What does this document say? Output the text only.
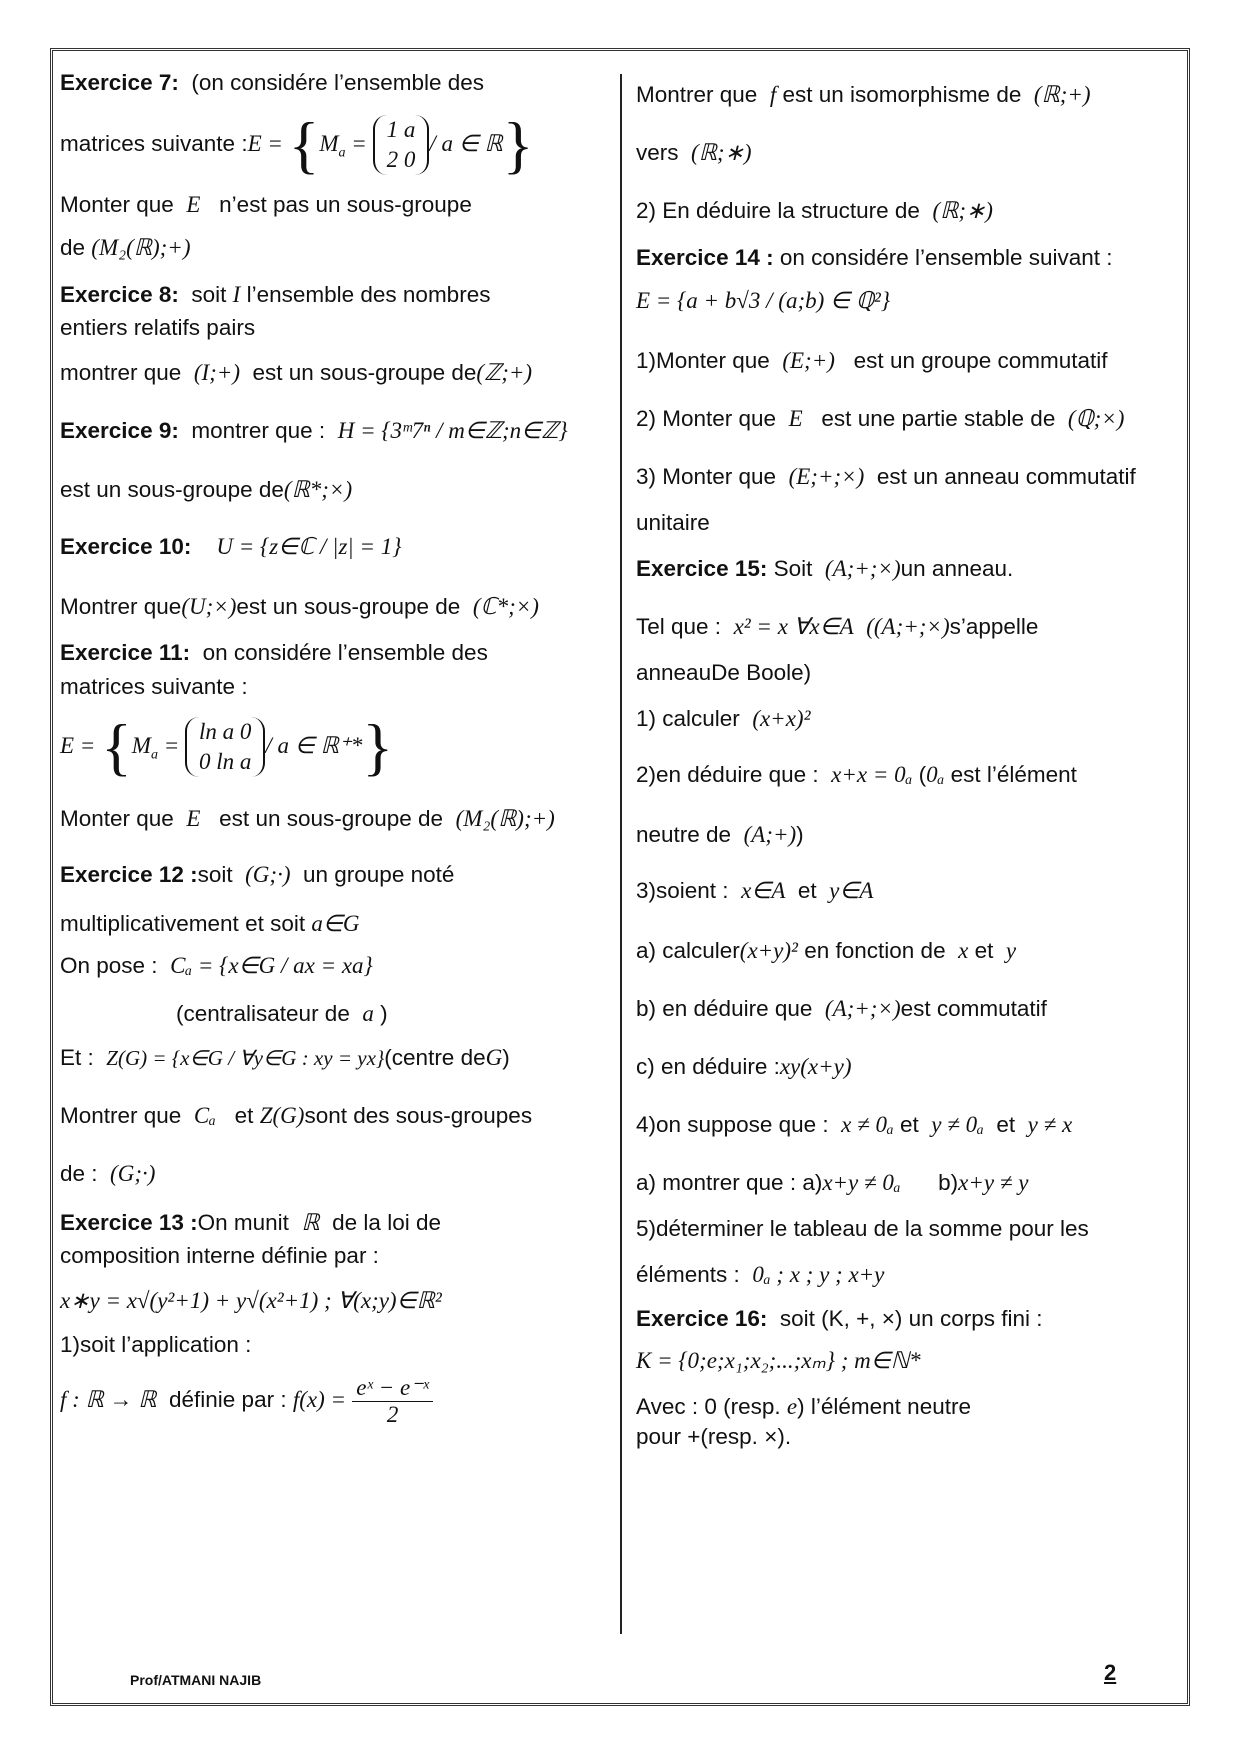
Exercice 7: (on considére l’ensemble des
matrices suivante :E = {$M_a$ =
1 a
2 0
/ a ∈ ℝ}
Monter que E n’est pas un sous-groupe
de (M₂(ℝ);+)
Exercice 8: soit I l’ensemble des nombres
entiers relatifs pairs
montrer que (I;+) est un sous-groupe de(ℤ;+)
Exercice 9: montrer que : H = {3ᵐ7ⁿ / m∈ℤ;n∈ℤ}
est un sous-groupe de(ℝ*;×)
Exercice 10: U = {z∈ℂ / |z| = 1}
Montrer que(U;×)est un sous-groupe de (ℂ*;×)
Exercice 11: on considére l’ensemble des
matrices suivante :
$E = \{M_a$ =
ln a 0
0 ln a
/ a ∈ ℝ⁺*}
Monter que E est un sous-groupe de (M₂(ℝ);+)
Exercice 12 :soit (G;·) un groupe noté
multiplicativement et soit a∈G
On pose : Cₐ = {x∈G / ax = xa}
(centralisateur de a )
Et : Z(G) = {x∈G / ∀y∈G : xy = yx}(centre deG)
Montrer que Cₐ et Z(G)sont des sous-groupes
de : (G;·)
Exercice 13 :On munit ℝ de la loi de
composition interne définie par :
x∗y = x√(y²+1) + y√(x²+1) ; ∀(x;y)∈ℝ²
1)soit l’application :
f : ℝ → ℝ définie par : $f(x) = \frac{\text{eˣ − e⁻ˣ}}{2}$
Montrer que f est un isomorphisme de (ℝ;+)
vers (ℝ;∗)
2) En déduire la structure de (ℝ;∗)
Exercice 14 : on considére l’ensemble suivant :
E = {a + b√3 / (a;b) ∈ ℚ²}
1)Monter que (E;+) est un groupe commutatif
2) Monter que E est une partie stable de (ℚ;×)
3) Monter que (E;+;×) est un anneau commutatif
unitaire
Exercice 15: Soit (A;+;×)un anneau.
Tel que : x² = x ∀x∈A ((A;+;×)s’appelle
anneauDe Boole)
1) calculer (x+x)²
2)en déduire que : x+x = 0ₐ (0ₐ est l’élément
neutre de (A;+))
3)soient : x∈A et y∈A
a) calculer(x+y)² en fonction de x et y
b) en déduire que (A;+;×)est commutatif
c) en déduire :xy(x+y)
4)on suppose que : x ≠ 0ₐ et y ≠ 0ₐ et y ≠ x
a) montrer que : a)x+y ≠ 0ₐ b)x+y ≠ y
5)déterminer le tableau de la somme pour les
éléments : 0ₐ ; x ; y ; x+y
Exercice 16: soit (K, +, ×) un corps fini :
K = {0;e;x₁;x₂;...;xₘ} ; m∈ℕ*
Avec : 0 (resp. e) l’élément neutre
pour +(resp. ×).
Prof/ATMANI NAJIB	2
